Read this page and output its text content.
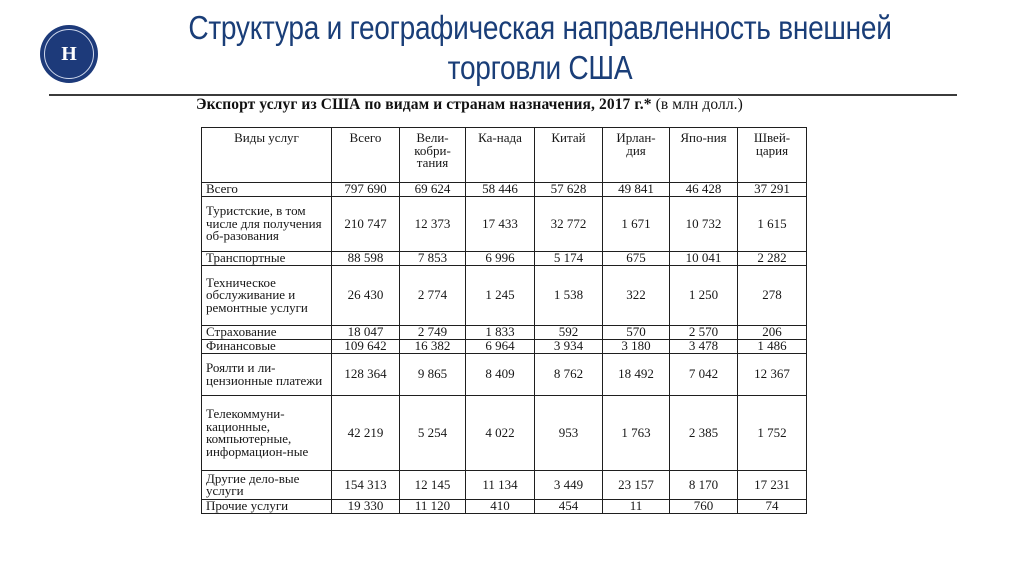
Н
Структура и географическая направленность внешней торговли США
Экспорт услуг из США по видам и странам назначения, 2017 г.* (в млн долл.)
Виды услуг	Всего	Вели-кобри-тания	Ка-нада	Китай	Ирлан-дия	Япо-ния	Швей-цария
Всего	797 690	69 624	58 446	57 628	49 841	46 428	37 291
Туристские, в том числе для получения об-разования	210 747	12 373	17 433	32 772	1 671	10 732	1 615
Транспортные	88 598	7 853	6 996	5 174	675	10 041	2 282
Техническое обслуживание и ремонтные услуги	26 430	2 774	1 245	1 538	322	1 250	278
Страхование	18 047	2 749	1 833	592	570	2 570	206
Финансовые	109 642	16 382	6 964	3 934	3 180	3 478	1 486
Роялти и ли-цензионные платежи	128 364	9 865	8 409	8 762	18 492	7 042	12 367
Телекоммуни-кационные, компьютерные, информацион-ные	42 219	5 254	4 022	953	1 763	2 385	1 752
Другие дело-вые услуги	154 313	12 145	11 134	3 449	23 157	8 170	17 231
Прочие услуги	19 330	11 120	410	454	11	760	74
